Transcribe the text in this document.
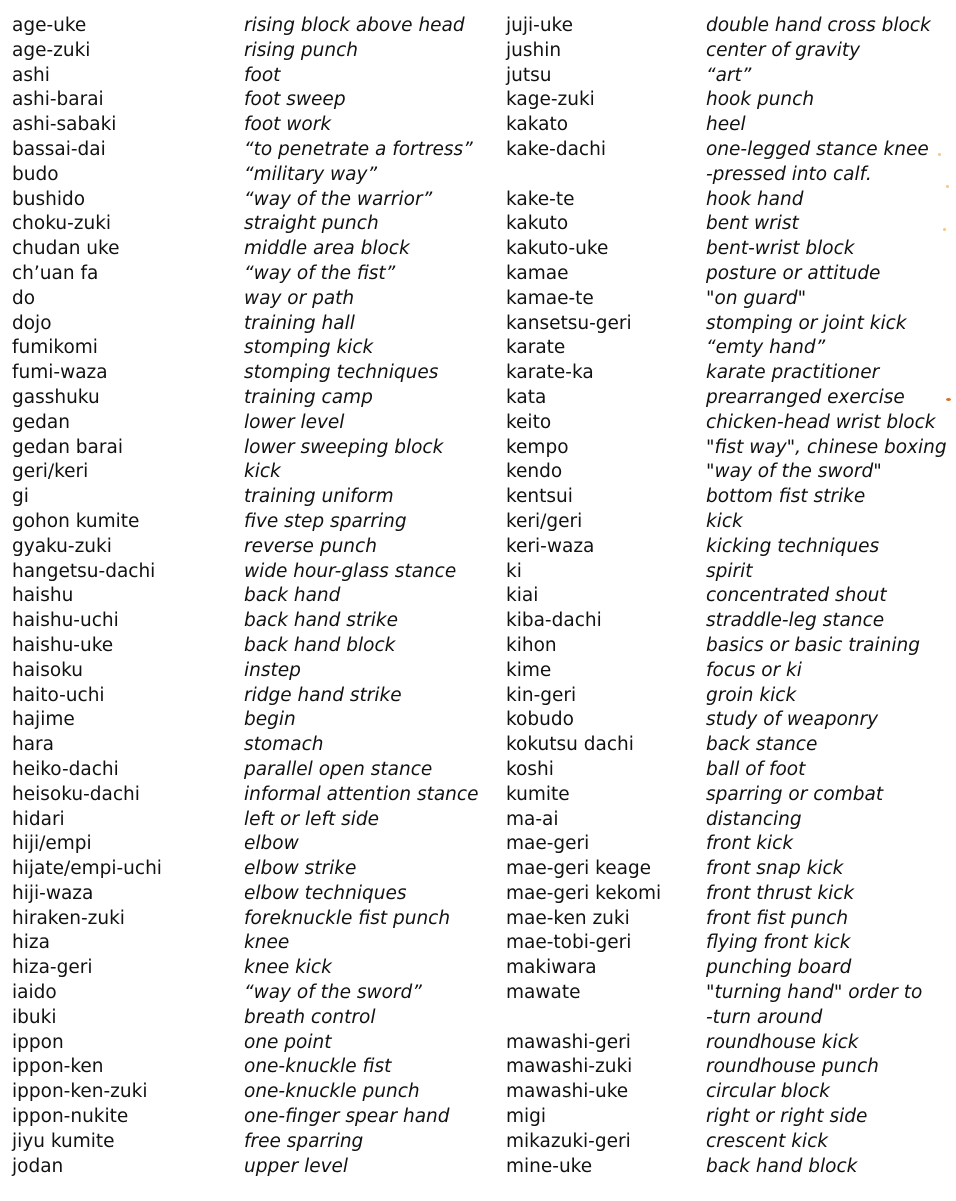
age-uke
age-zuki
ashi
ashi-barai
ashi-sabaki
bassai-dai
budo
bushido
choku-zuki
chudan uke
ch’uan fa
do
dojo
fumikomi
fumi-waza
gasshuku
gedan
gedan barai
geri/keri
gi
gohon kumite
gyaku-zuki
hangetsu-dachi
haishu
haishu-uchi
haishu-uke
haisoku
haito-uchi
hajime
hara
heiko-dachi
heisoku-dachi
hidari
hiji/empi
hijate/empi-uchi
hiji-waza
hiraken-zuki
hiza
hiza-geri
iaido
ibuki
ippon
ippon-ken
ippon-ken-zuki
ippon-nukite
jiyu kumite
jodan
rising block above head
rising punch
foot
foot sweep
foot work
“to penetrate a fortress”
“military way”
“way of the warrior”
straight punch
middle area block
“way of the fist”
way or path
training hall
stomping kick
stomping techniques
training camp
lower level
lower sweeping block
kick
training uniform
five step sparring
reverse punch
wide hour-glass stance
back hand
back hand strike
back hand block
instep
ridge hand strike
begin
stomach
parallel open stance
informal attention stance
left or left side
elbow
elbow strike
elbow techniques
foreknuckle fist punch
knee
knee kick
“way of the sword”
breath control
one point
one-knuckle fist
one-knuckle punch
one-finger spear hand
free sparring
upper level
juji-uke
jushin
jutsu
kage-zuki
kakato
kake-dachi
kake-te
kakuto
kakuto-uke
kamae
kamae-te
kansetsu-geri
karate
karate-ka
kata
keito
kempo
kendo
kentsui
keri/geri
keri-waza
ki
kiai
kiba-dachi
kihon
kime
kin-geri
kobudo
kokutsu dachi
koshi
kumite
ma-ai
mae-geri
mae-geri keage
mae-geri kekomi
mae-ken zuki
mae-tobi-geri
makiwara
mawate
mawashi-geri
mawashi-zuki
mawashi-uke
migi
mikazuki-geri
mine-uke
double hand cross block
center of gravity
“art”
hook punch
heel
one-legged stance knee
-pressed into calf.
hook hand
bent wrist
bent-wrist block
posture or attitude
"on guard"
stomping or joint kick
“emty hand”
karate practitioner
prearranged exercise
chicken-head wrist block
"fist way", chinese boxing
"way of the sword"
bottom fist strike
kick
kicking techniques
spirit
concentrated shout
straddle-leg stance
basics or basic training
focus or ki
groin kick
study of weaponry
back stance
ball of foot
sparring or combat
distancing
front kick
front snap kick
front thrust kick
front fist punch
flying front kick
punching board
"turning hand" order to
-turn around
roundhouse kick
roundhouse punch
circular block
right or right side
crescent kick
back hand block
